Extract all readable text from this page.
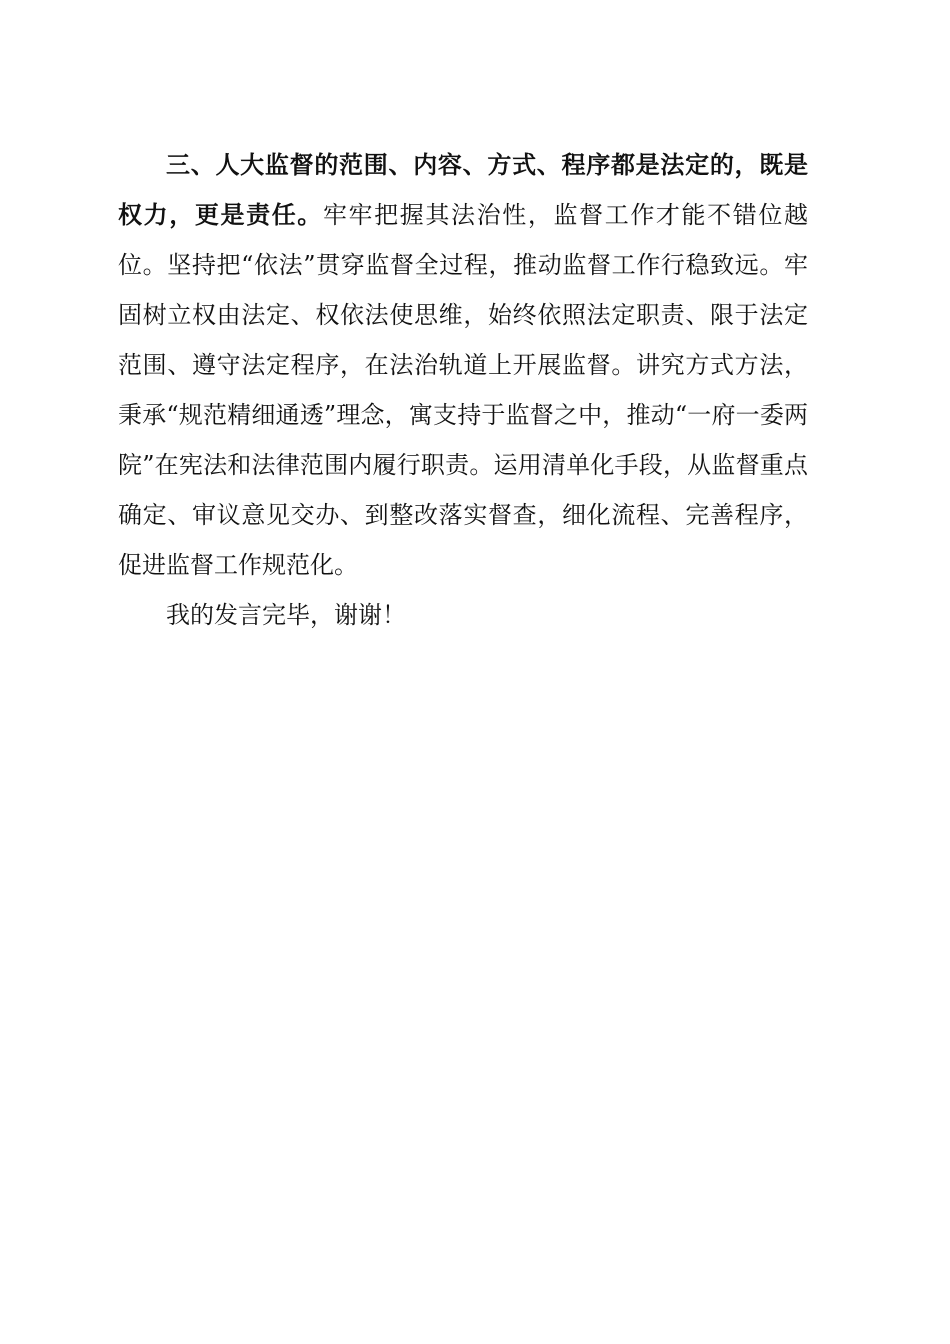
三、人大监督的范围、内容、方式、程序都是法定的，既是权力，更是责任。牢牢把握其法治性，监督工作才能不错位越位。坚持把“依法”贯穿监督全过程，推动监督工作行稳致远。牢固树立权由法定、权依法使思维，始终依照法定职责、限于法定范围、遵守法定程序，在法治轨道上开展监督。讲究方式方法，秉承“规范精细通透”理念，寓支持于监督之中，推动“一府一委两院”在宪法和法律范围内履行职责。运用清单化手段，从监督重点确定、审议意见交办、到整改落实督查，细化流程、完善程序，促进监督工作规范化。

我的发言完毕，谢谢！
